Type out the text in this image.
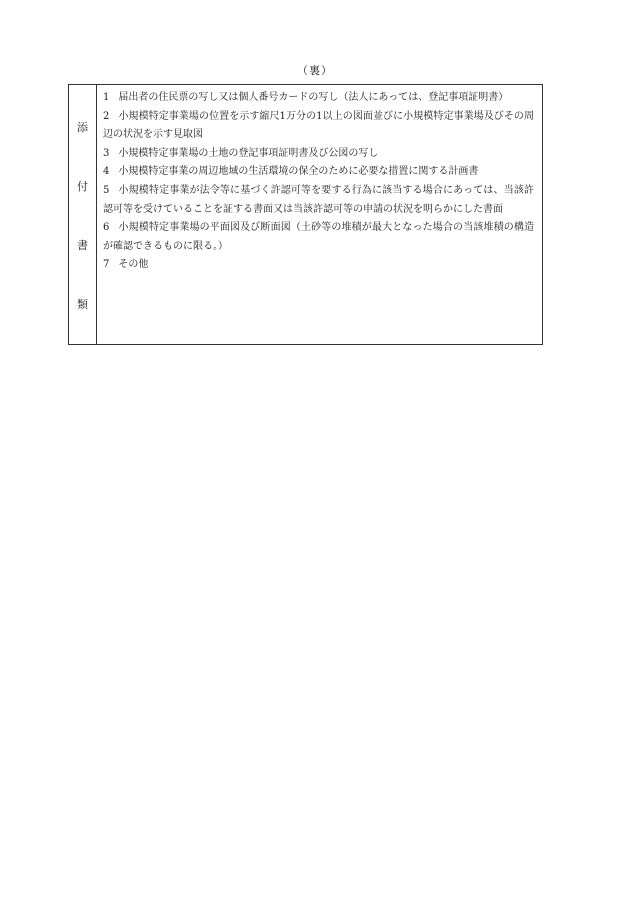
（裏）
添
付
書
類
1 届出者の住民票の写し又は個人番号カードの写し（法人にあっては、登記事項証明書）
2 小規模特定事業場の位置を示す縮尺1万分の1以上の図面並びに小規模特定事業場及びその周辺の状況を示す見取図
3 小規模特定事業場の土地の登記事項証明書及び公図の写し
4 小規模特定事業の周辺地域の生活環境の保全のために必要な措置に関する計画書
5 小規模特定事業が法令等に基づく許認可等を要する行為に該当する場合にあっては、当該許認可等を受けていることを証する書面又は当該許認可等の申請の状況を明らかにした書面
6 小規模特定事業場の平面図及び断面図（土砂等の堆積が最大となった場合の当該堆積の構造が確認できるものに限る。）
7 その他
